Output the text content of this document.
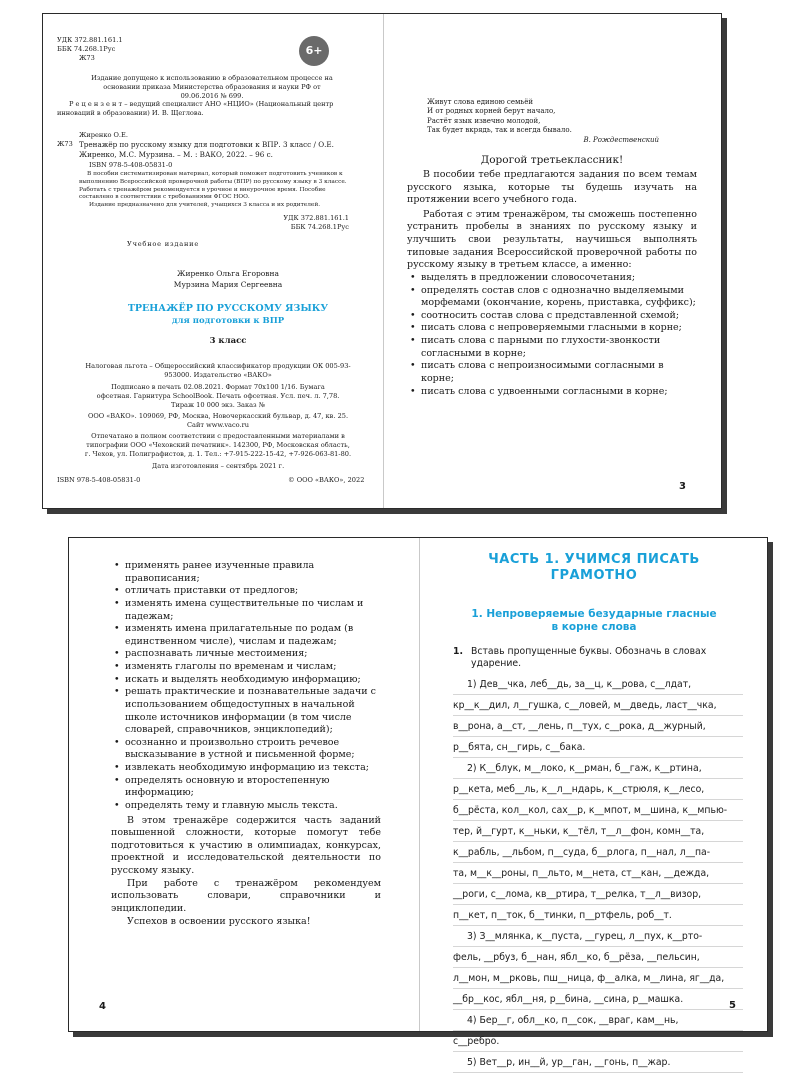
УДК 372.881.161.1
ББК 74.268.1Рус
Ж73
6+
Издание допущено к использованию в образовательном процессе на основании приказа Министерства образования и науки РФ от 09.06.2016 № 699.
Р е ц е н з е н т – ведущий специалист АНО «НЦИО» (Национальный центр инноваций в образовании) И. В. Щеглова.
Жиренко О.Е.
Ж73 Тренажёр по русскому языку для подготовки к ВПР. 3 класс / О.Е. Жиренко, М.С. Мурзина. – М. : ВАКО, 2022. – 96 с.
ISBN 978-5-408-05831-0
В пособии систематизирован материал, который поможет подготовить учеников к выполнению Всероссийской проверочной работы (ВПР) по русскому языку в 3 классе. Работать с тренажёром рекомендуется в урочное и внеурочное время. Пособие составлено в соответствии с требованиями ФГОС НОО.
Издание предназначено для учителей, учащихся 3 класса и их родителей.
УДК 372.881.161.1
ББК 74.268.1Рус
Учебное издание
Жиренко Ольга Егоровна
Мурзина Мария Сергеевна
ТРЕНАЖЁР ПО РУССКОМУ ЯЗЫКУ
для подготовки к ВПР
3 класс
Налоговая льгота – Общероссийский классификатор продукции ОК 005-93-953000. Издательство «ВАКО»
Подписано в печать 02.08.2021. Формат 70x100 1/16. Бумага офсетная. Гарнитура SchoolBook. Печать офсетная. Усл. печ. л. 7,78. Тираж 10 000 экз. Заказ №
ООО «ВАКО». 109069, РФ, Москва, Новочеркасский бульвар, д. 47, кв. 25. Сайт www.vaco.ru
Отпечатано в полном соответствии с предоставленными материалами в типографии ООО «Чеховский печатник». 142300, РФ, Московская область, г. Чехов, ул. Полиграфистов, д. 1. Тел.: +7-915-222-15-42, +7-926-063-81-80.
Дата изготовления – сентябрь 2021 г.
ISBN 978-5-408-05831-0	© ООО «ВАКО», 2022
Живут слова единою семьёй
И от родных корней берут начало,
Растёт язык извечно молодой,
Так будет вкрядь, так и всегда бывало.
В. Рождественский
Дорогой третьеклассник!
В пособии тебе предлагаются задания по всем темам русского языка, которые ты будешь изучать на протяжении всего учебного года.
Работая с этим тренажёром, ты сможешь постепенно устранить пробелы в знаниях по русскому языку и улучшить свои результаты, научишься выполнять типовые задания Всероссийской проверочной работы по русскому языку в третьем классе, а именно:
• выделять в предложении словосочетания;
• определять состав слов с однозначно выделяемыми морфемами (окончание, корень, приставка, суффикс);
• соотносить состав слова с представленной схемой;
• писать слова с непроверяемыми гласными в корне;
• писать слова с парными по глухости-звонкости согласными в корне;
• писать слова с непроизносимыми согласными в корне;
• писать слова с удвоенными согласными в корне;
3
• применять ранее изученные правила правописания;
• отличать приставки от предлогов;
• изменять имена существительные по числам и падежам;
• изменять имена прилагательные по родам (в единственном числе), числам и падежам;
• распознавать личные местоимения;
• изменять глаголы по временам и числам;
• искать и выделять необходимую информацию;
• решать практические и познавательные задачи с использованием общедоступных в начальной школе источников информации (в том числе словарей, справочников, энциклопедий);
• осознанно и произвольно строить речевое высказывание в устной и письменной форме;
• извлекать необходимую информацию из текста;
• определять основную и второстепенную информацию;
• определять тему и главную мысль текста.
В этом тренажёре содержится часть заданий повышенной сложности, которые помогут тебе подготовиться к участию в олимпиадах, конкурсах, проектной и исследовательской деятельности по русскому языку.
При работе с тренажёром рекомендуем использовать словари, справочники и энциклопедии.
Успехов в освоении русского языка!
4
ЧАСТЬ 1. УЧИМСЯ ПИСАТЬ
ГРАМОТНО
1. Непроверяемые безударные гласные
в корне слова
1. Вставь пропущенные буквы. Обозначь в словах ударение.
1) Дев__чка, леб__дь, за__ц, к__рова, с__лдат,
кр__к__дил, л__гушка, с__ловей, м__дведь, ласт__чка,
в__рона, а__ст, __лень, п__тух, с__рока, д__журный,
р__бята, сн__гирь, с__бака.
2) К__блук, м__локо, к__рман, б__гаж, к__ртина,
р__кета, меб__ль, к__л__ндарь, к__стрюля, к__лесо,
б__рёста, кол__кол, сах__р, к__мпот, м__шина, к__мпью-
тер, й__гурт, к__ньки, к__тёл, т__л__фон, комн__та,
к__рабль, __льбом, п__суда, б__рлога, п__нал, л__па-
та, м__к__роны, п__льто, м__нета, ст__кан, __дежда,
__роги, с__лома, кв__ртира, т__релка, т__л__визор,
п__кет, п__ток, б__тинки, п__ртфель, роб__т.
3) З__млянка, к__пуста, __гурец, л__пух, к__рто-
фель, __рбуз, б__нан, ябл__ко, б__рёза, __пельсин,
л__мон, м__рковь, пш__ница, ф__алка, м__лина, яг__да,
__бр__кос, ябл__ня, р__бина, __сина, р__машка.
4) Бер__г, обл__ко, п__сок, __враг, кам__нь,
с__ребро.
5) Вет__р, ин__й, ур__ган, __гонь, п__жар.
5
